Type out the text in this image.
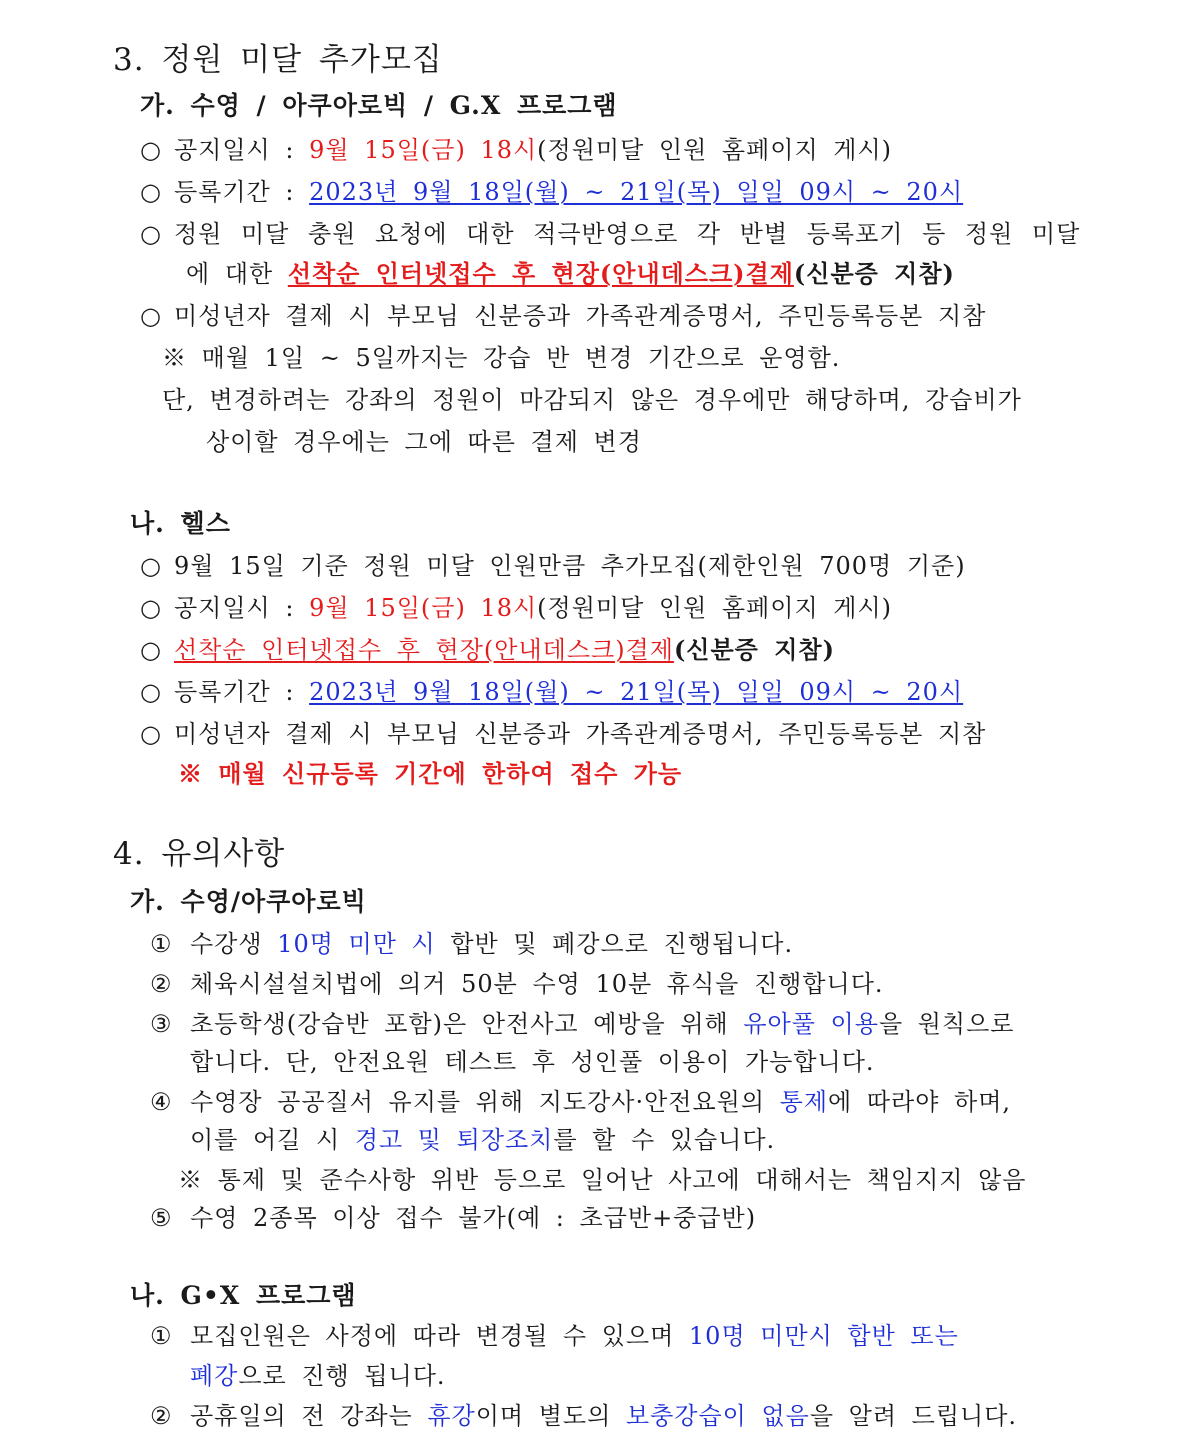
3. 정원 미달 추가모집
가. 수영 / 아쿠아로빅 / G.X 프로그램
○ 공지일시 : 9월 15일(금) 18시(정원미달 인원 홈페이지 게시)
○ 등록기간 : 2023년 9월 18일(월) ~ 21일(목) 일일 09시 ~ 20시
○ 정원 미달 충원 요청에 대한 적극반영으로 각 반별 등록포기 등 정원 미달
에 대한 선착순 인터넷접수 후 현장(안내데스크)결제(신분증 지참)
○ 미성년자 결제 시 부모님 신분증과 가족관계증명서, 주민등록등본 지참
※ 매월 1일 ~ 5일까지는 강습 반 변경 기간으로 운영함.
단, 변경하려는 강좌의 정원이 마감되지 않은 경우에만 해당하며, 강습비가
상이할 경우에는 그에 따른 결제 변경
나. 헬스
○ 9월 15일 기준 정원 미달 인원만큼 추가모집(제한인원 700명 기준)
○ 공지일시 : 9월 15일(금) 18시(정원미달 인원 홈페이지 게시)
○ 선착순 인터넷접수 후 현장(안내데스크)결제(신분증 지참)
○ 등록기간 : 2023년 9월 18일(월) ~ 21일(목) 일일 09시 ~ 20시
○ 미성년자 결제 시 부모님 신분증과 가족관계증명서, 주민등록등본 지참
※ 매월 신규등록 기간에 한하여 접수 가능
4. 유의사항
가. 수영/아쿠아로빅
① 수강생 10명 미만 시 합반 및 폐강으로 진행됩니다.
② 체육시설설치법에 의거 50분 수영 10분 휴식을 진행합니다.
③ 초등학생(강습반 포함)은 안전사고 예방을 위해 유아풀 이용을 원칙으로
합니다. 단, 안전요원 테스트 후 성인풀 이용이 가능합니다.
④ 수영장 공공질서 유지를 위해 지도강사·안전요원의 통제에 따라야 하며,
이를 어길 시 경고 및 퇴장조치를 할 수 있습니다.
※ 통제 및 준수사항 위반 등으로 일어난 사고에 대해서는 책임지지 않음
⑤ 수영 2종목 이상 접수 불가(예 : 초급반+중급반)
나. G•X 프로그램
① 모집인원은 사정에 따라 변경될 수 있으며 10명 미만시 합반 또는
폐강으로 진행 됩니다.
② 공휴일의 전 강좌는 휴강이며 별도의 보충강습이 없음을 알려 드립니다.
